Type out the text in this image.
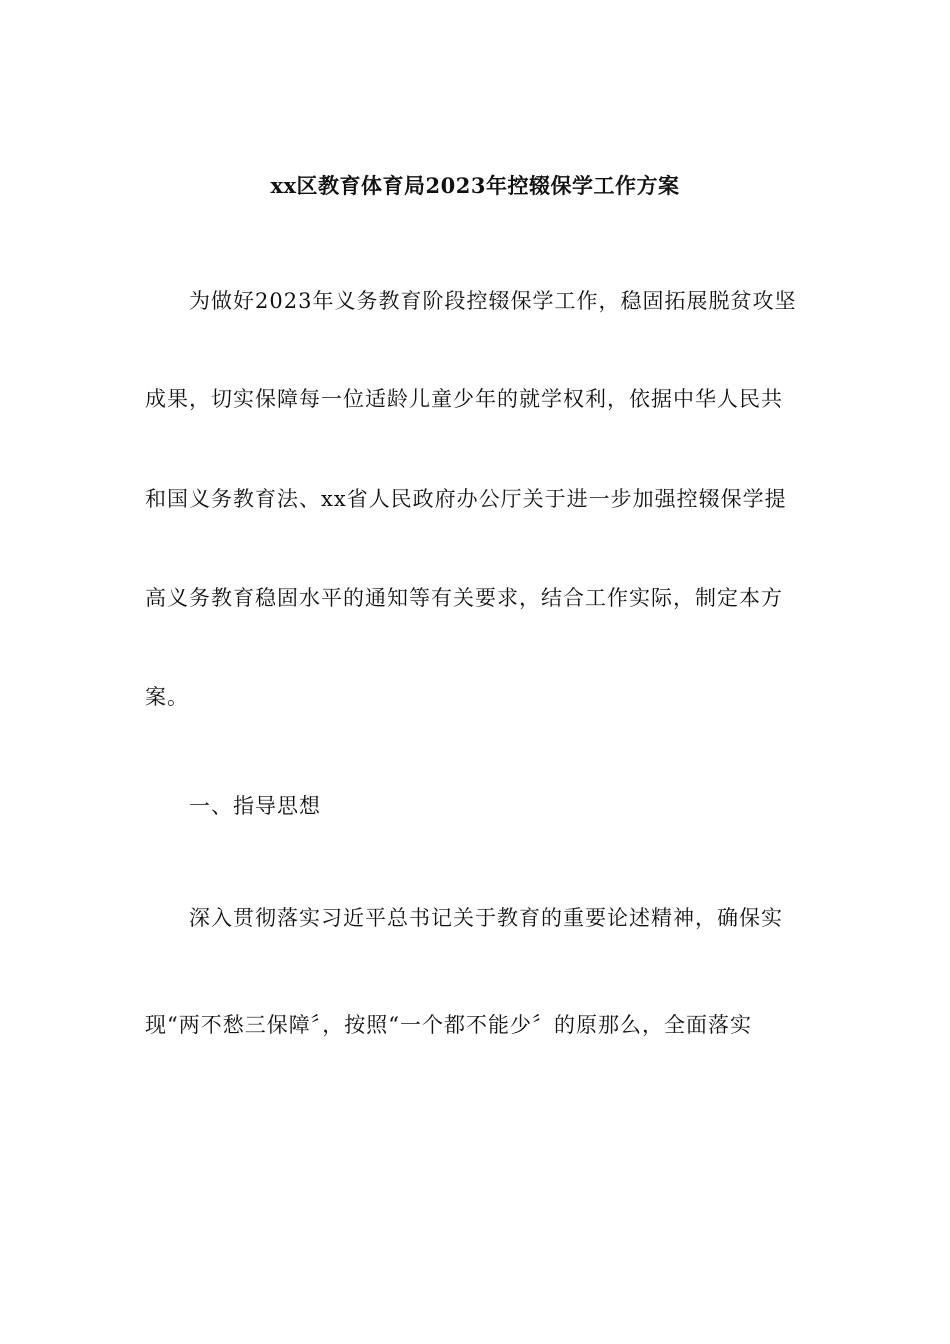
xx区教育体育局2023年控辍保学工作方案
为做好2023年义务教育阶段控辍保学工作，稳固拓展脱贫攻坚
成果，切实保障每一位适龄儿童少年的就学权利，依据中华人民共
和国义务教育法、xx省人民政府办公厅关于进一步加强控辍保学提
高义务教育稳固水平的通知等有关要求，结合工作实际，制定本方
案。
一、指导思想
深入贯彻落实习近平总书记关于教育的重要论述精神，确保实
现“两不愁三保障〞，按照“一个都不能少〞的原那么，全面落实
